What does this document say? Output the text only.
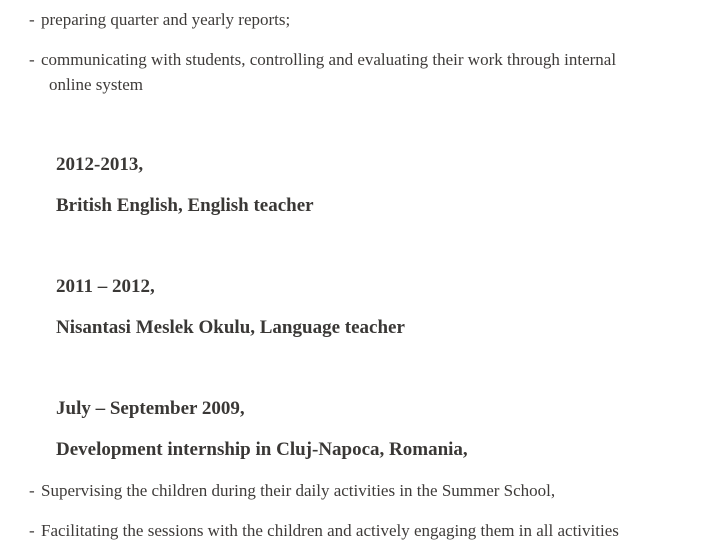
- preparing quarter and yearly reports;
- communicating with students, controlling and evaluating their work through internal
online system
2012-2013,
British English, English teacher
2011 – 2012,
Nisantasi Meslek Okulu, Language teacher
July – September 2009,
Development internship in Cluj-Napoca, Romania,
- Supervising the children during their daily activities in the Summer School,
- Facilitating the sessions with the children and actively engaging them in all activities
